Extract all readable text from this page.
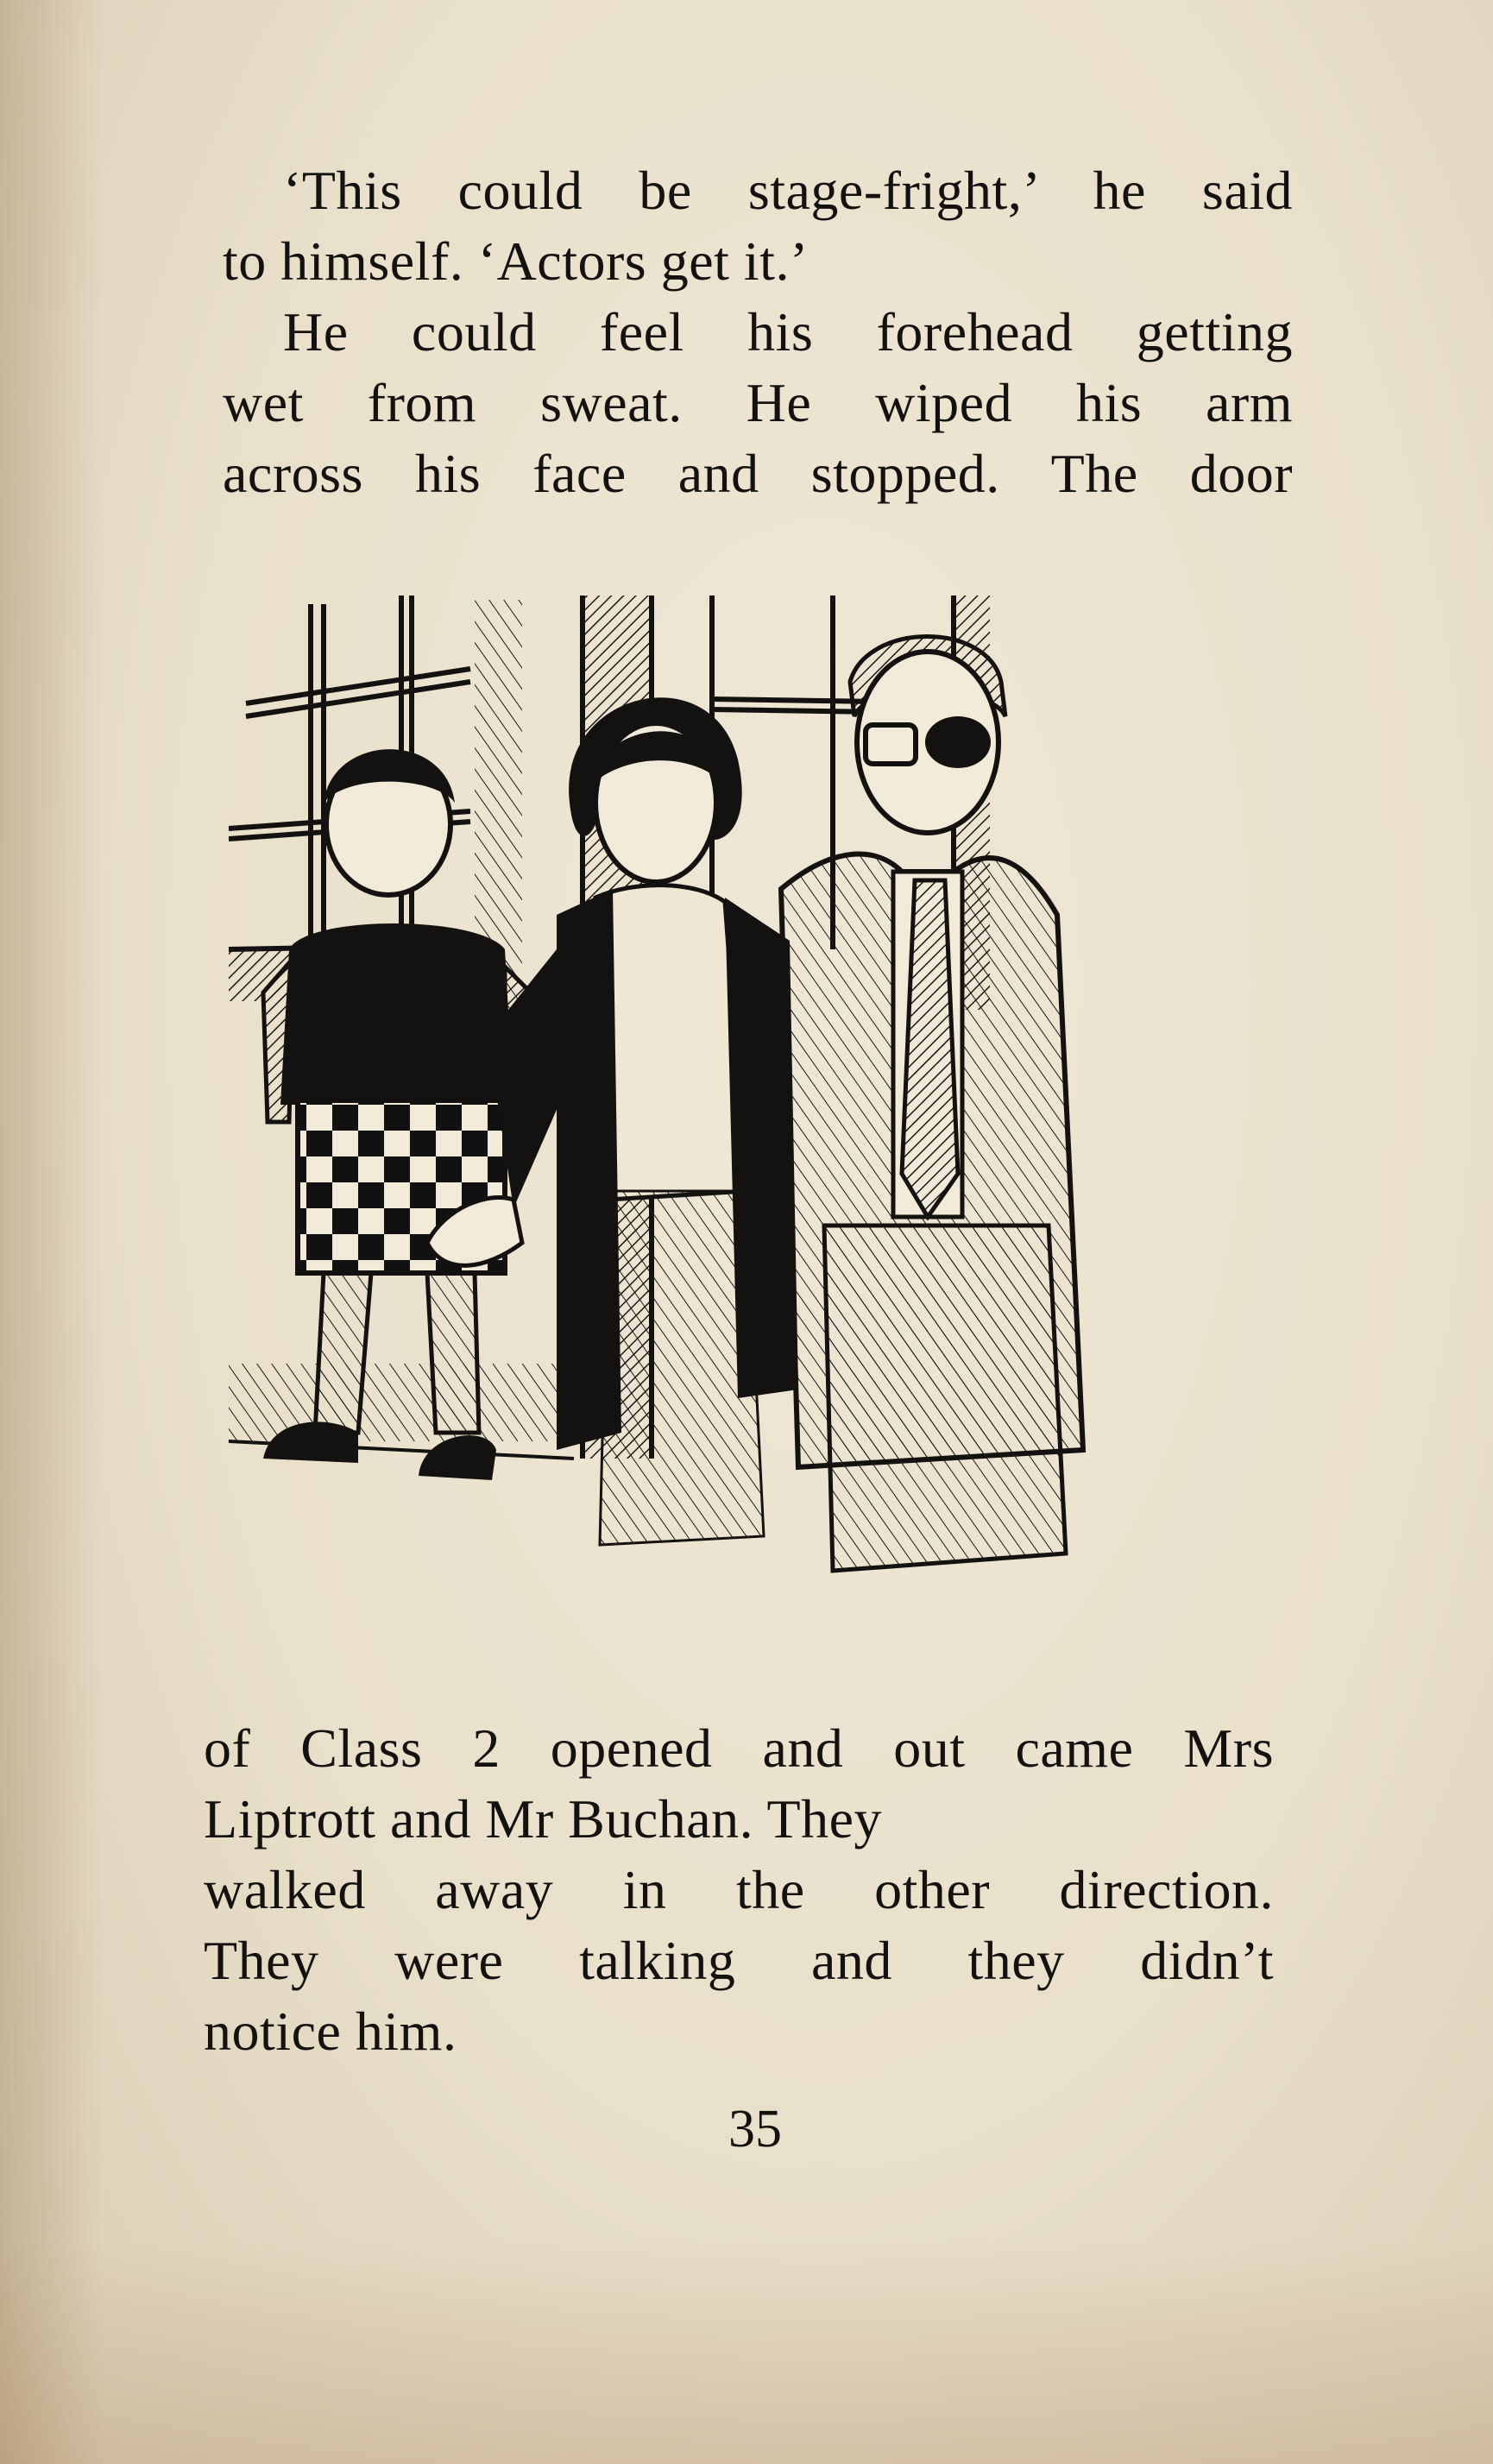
‘This could be stage-fright,’ he said
to himself. ‘Actors get it.’
He could feel his forehead getting
wet from sweat. He wiped his arm
across his face and stopped. The door
of Class 2 opened and out came Mrs
Liptrott and Mr Buchan. They
walked away in the other direction.
They were talking and they didn’t
notice him.
35
